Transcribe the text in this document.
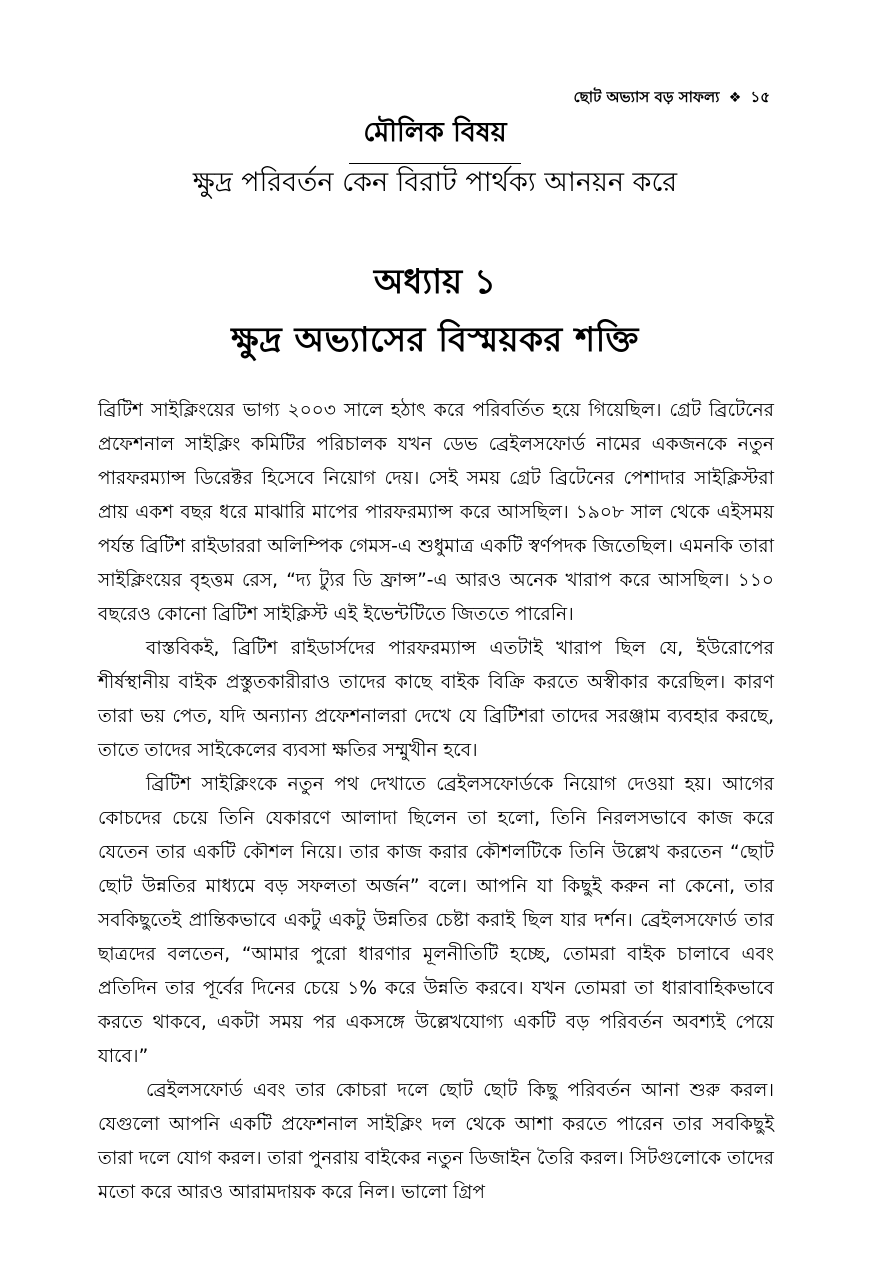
ছোট অভ্যাস বড় সাফল্য ❖ ১৫
মৌলিক বিষয়
ক্ষুদ্র পরিবর্তন কেন বিরাট পার্থক্য আনয়ন করে
অধ্যায় ১
ক্ষুদ্র অভ্যাসের বিস্ময়কর শক্তি

ব্রিটিশ সাইক্লিংয়ের ভাগ্য ২০০৩ সালে হঠাৎ করে পরিবর্তিত হয়ে গিয়েছিল। গ্রেট ব্রিটেনের প্রফেশনাল সাইক্লিং কমিটির পরিচালক যখন ডেভ ব্রেইলসফোর্ড নামের একজনকে নতুন পারফরম্যান্স ডিরেক্টর হিসেবে নিয়োগ দেয়। সেই সময় গ্রেট ব্রিটেনের পেশাদার সাইক্লিস্টরা প্রায় একশ বছর ধরে মাঝারি মাপের পারফরম্যান্স করে আসছিল। ১৯০৮ সাল থেকে এইসময় পর্যন্ত ব্রিটিশ রাইডাররা অলিম্পিক গেমস-এ শুধুমাত্র একটি স্বর্ণপদক জিতেছিল। এমনকি তারা সাইক্লিংয়ের বৃহত্তম রেস, “দ্য ট্যুর ডি ফ্রান্স”-এ আরও অনেক খারাপ করে আসছিল। ১১০ বছরেও কোনো ব্রিটিশ সাইক্লিস্ট এই ইভেন্টটিতে জিততে পারেনি।

বাস্তবিকই, ব্রিটিশ রাইডার্সদের পারফরম্যান্স এতটাই খারাপ ছিল যে, ইউরোপের শীর্ষস্থানীয় বাইক প্রস্তুতকারীরাও তাদের কাছে বাইক বিক্রি করতে অস্বীকার করেছিল। কারণ তারা ভয় পেত, যদি অন্যান্য প্রফেশনালরা দেখে যে ব্রিটিশরা তাদের সরঞ্জাম ব্যবহার করছে, তাতে তাদের সাইকেলের ব্যবসা ক্ষতির সম্মুখীন হবে।

ব্রিটিশ সাইক্লিংকে নতুন পথ দেখাতে ব্রেইলসফোর্ডকে নিয়োগ দেওয়া হয়। আগের কোচদের চেয়ে তিনি যেকারণে আলাদা ছিলেন তা হলো, তিনি নিরলসভাবে কাজ করে যেতেন তার একটি কৌশল নিয়ে। তার কাজ করার কৌশলটিকে তিনি উল্লেখ করতেন “ছোট ছোট উন্নতির মাধ্যমে বড় সফলতা অর্জন” বলে। আপনি যা কিছুই করুন না কেনো, তার সবকিছুতেই প্রান্তিকভাবে একটু একটু উন্নতির চেষ্টা করাই ছিল যার দর্শন। ব্রেইলসফোর্ড তার ছাত্রদের বলতেন, “আমার পুরো ধারণার মূলনীতিটি হচ্ছে, তোমরা বাইক চালাবে এবং প্রতিদিন তার পূর্বের দিনের চেয়ে ১% করে উন্নতি করবে। যখন তোমরা তা ধারাবাহিকভাবে করতে থাকবে, একটা সময় পর একসঙ্গে উল্লেখযোগ্য একটি বড় পরিবর্তন অবশ্যই পেয়ে যাবে।”

ব্রেইলসফোর্ড এবং তার কোচরা দলে ছোট ছোট কিছু পরিবর্তন আনা শুরু করল। যেগুলো আপনি একটি প্রফেশনাল সাইক্লিং দল থেকে আশা করতে পারেন তার সবকিছুই তারা দলে যোগ করল। তারা পুনরায় বাইকের নতুন ডিজাইন তৈরি করল। সিটগুলোকে তাদের মতো করে আরও আরামদায়ক করে নিল। ভালো গ্রিপ
